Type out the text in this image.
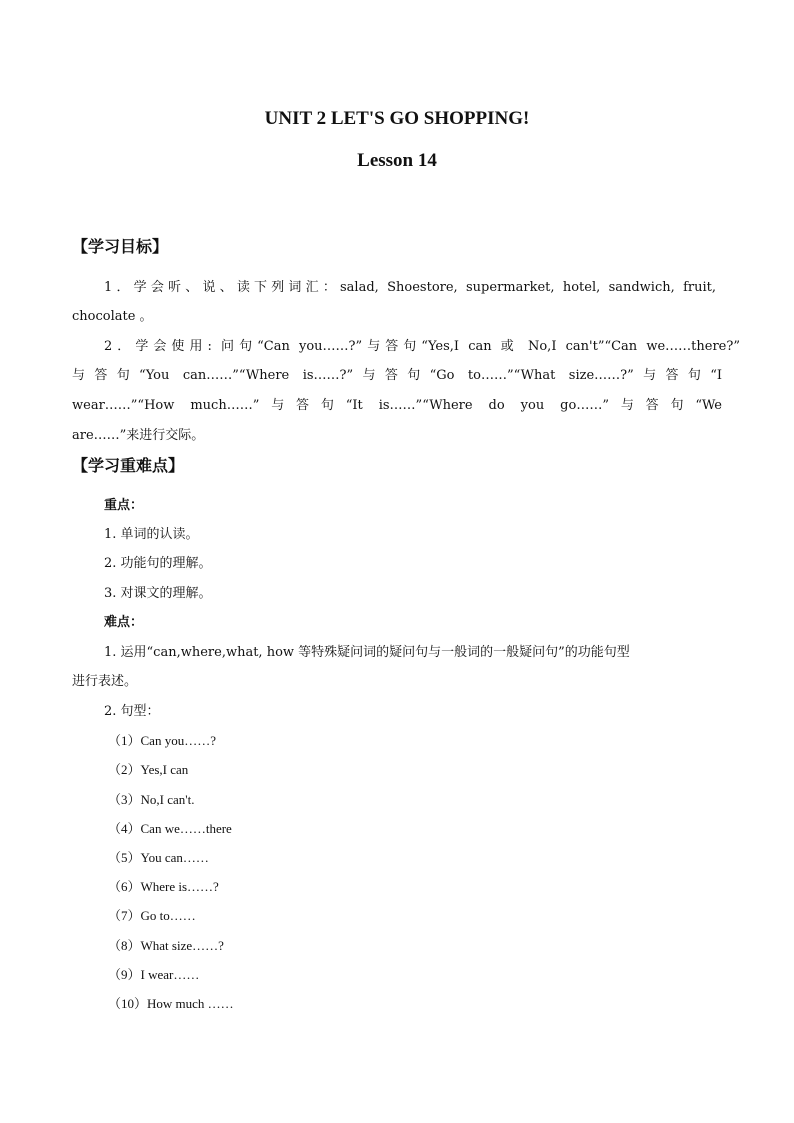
UNIT 2 LET'S GO SHOPPING!
Lesson 14
【学习目标】
1．学会听、说、读下列词汇：salad, Shoestore, supermarket, hotel, sandwich, fruit,
chocolate 。
2．学会使用: 问句“Can you……?”与答句“Yes,I can 或 No,I can't”“Can we……there?”
与答句“You can……”“Where is……?”与答句“Go to……”“What size……?”与答句“I
wear……”“How much……”与答句“It is……”“Where do you go……”与答句“We
are……”来进行交际。
【学习重难点】
重点：
1. 单词的认读。
2. 功能句的理解。
3. 对课文的理解。
难点：
1. 运用“can,where,what, how 等特殊疑问词的疑问句与一般词的一般疑问句”的功能句型
进行表述。
2. 句型：
（1）Can you……?
（2）Yes,I can
（3）No,I can't.
（4）Can we……there
（5）You can……
（6）Where is……?
（7）Go to……
（8）What size……?
（9）I wear……
（10）How much ……
